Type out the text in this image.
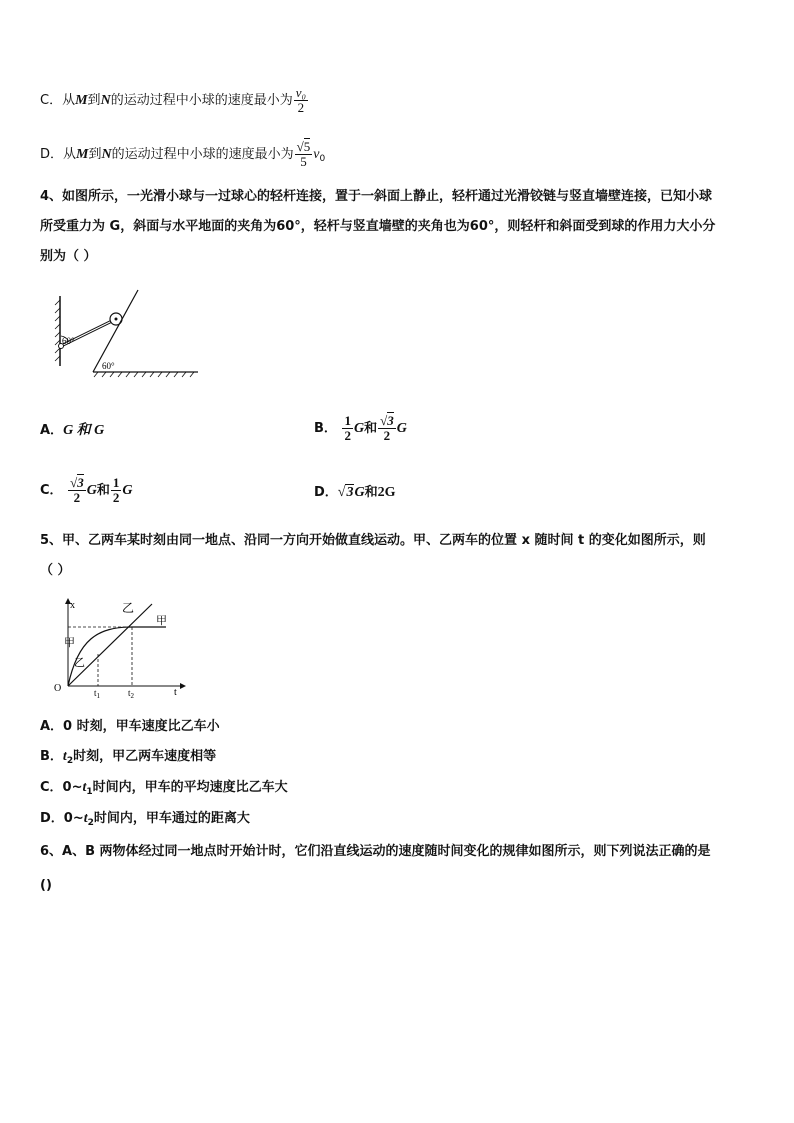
C．从M到N的运动过程中小球的速度最小为 $\frac{\text{v₀}}{2}$
D．从M到N的运动过程中小球的速度最小为 $\frac{√5}{5} v_0$
4、如图所示，一光滑小球与一过球心的轻杆连接，置于一斜面上静止，轻杆通过光滑铰链与竖直墙壁连接，已知小球
所受重力为 G，斜面与水平地面的夹角为60°，轻杆与竖直墙壁的夹角也为60°，则轻杆和斜面受到球的作用力大小分
别为（ ）
60°
60°
A．G 和 G	B． $\frac{1}{2}$ G和 $\frac{√3}{2}$ G
C． $\frac{√3}{2}$ G和 $\frac{1}{2}$ G	D．√3G和2G
5、甲、乙两车某时刻由同一地点、沿同一方向开始做直线运动。甲、乙两车的位置 x 随时间 t 的变化如图所示，则
（ ）
甲
甲
乙
乙
x
t
O	$t_1$	$t_2$
A．0 时刻，甲车速度比乙车小
B．$t_2$时刻，甲乙两车速度相等
C．$0\sim t_1$时间内，甲车的平均速度比乙车大
D．$0\sim t_2$时间内，甲车通过的距离大
6、A、B 两物体经过同一地点时开始计时，它们沿直线运动的速度随时间变化的规律如图所示，则下列说法正确的是
()
